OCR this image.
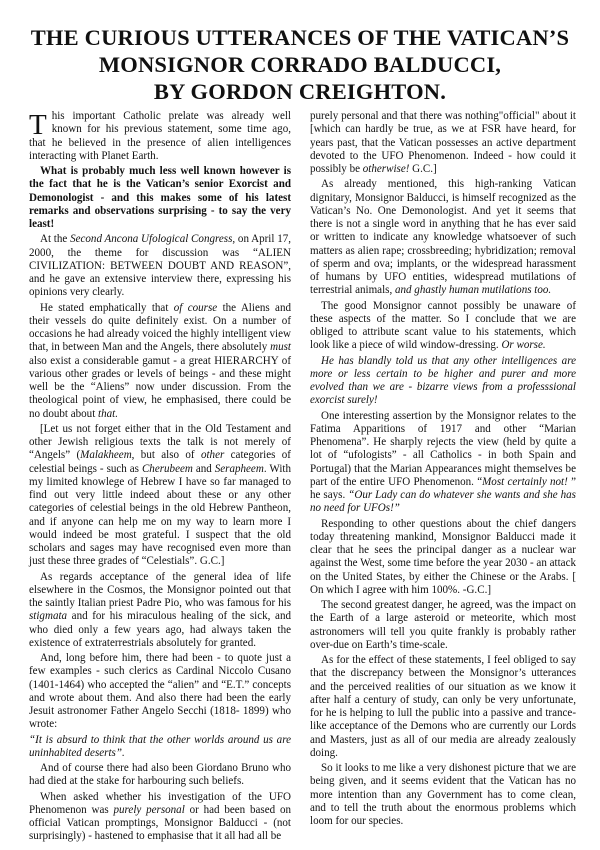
THE CURIOUS UTTERANCES OF THE VATICAN’S
MONSIGNOR CORRADO BALDUCCI,
BY GORDON CREIGHTON.

This important Catholic prelate was already well known for his previous statement, some time ago, that he believed in the presence of alien intelligences interacting with Planet Earth.

What is probably much less well known however is the fact that he is the Vatican’s senior Exorcist and Demonologist - and this makes some of his latest remarks and observations surprising - to say the very least!

At the Second Ancona Ufological Congress, on April 17, 2000, the theme for discussion was “ALIEN CIVILIZATION: BETWEEN DOUBT AND REASON”, and he gave an extensive interview there, expressing his opinions very clearly.

He stated emphatically that of course the Aliens and their vessels do quite definitely exist. On a number of occasions he had already voiced the highly intelligent view that, in between Man and the Angels, there absolutely must also exist a considerable gamut - a great HIERARCHY of various other grades or levels of beings - and these might well be the “Aliens” now under discussion. From the theological point of view, he emphasised, there could be no doubt about that.

[Let us not forget either that in the Old Testament and other Jewish religious texts the talk is not merely of “Angels” (Malakheem, but also of other categories of celestial beings - such as Cherubeem and Serapheem. With my limited knowlege of Hebrew I have so far managed to find out very little indeed about these or any other categories of celestial beings in the old Hebrew Pantheon, and if anyone can help me on my way to learn more I would indeed be most grateful. I suspect that the old scholars and sages may have recognised even more than just these three grades of “Celestials”. G.C.]

As regards acceptance of the general idea of life elsewhere in the Cosmos, the Monsignor pointed out that the saintly Italian priest Padre Pio, who was famous for his stigmata and for his miraculous healing of the sick, and who died only a few years ago, had always taken the existence of extraterrestrials absolutely for granted.

And, long before him, there had been - to quote just a few examples - such clerics as Cardinal Niccolo Cusano (1401-1464) who accepted the “alien” and “E.T.” concepts and wrote about them. And also there had been the early Jesuit astronomer Father Angelo Secchi (1818- 1899) who wrote:

“It is absurd to think that the other worlds around us are uninhabited deserts”.

And of course there had also been Giordano Bruno who had died at the stake for harbouring such beliefs.

When asked whether his investigation of the UFO Phenomenon was purely personal or had been based on official Vatican promptings, Monsignor Balducci - (not surprisingly) - hastened to emphasise that it all had all be

purely personal and that there was nothing"official" about it [which can hardly be true, as we at FSR have heard, for years past, that the Vatican possesses an active department devoted to the UFO Phenomenon. Indeed - how could it possibly be otherwise! G.C.]

As already mentioned, this high-ranking Vatican dignitary, Monsignor Balducci, is himself recognized as the Vatican’s No. One Demonologist. And yet it seems that there is not a single word in anything that he has ever said or written to indicate any knowledge whatsoever of such matters as alien rape; crossbreeding; hybridization; removal of sperm and ova; implants, or the widespread harassment of humans by UFO entities, widespread mutilations of terrestrial animals, and ghastly human mutilations too.

The good Monsignor cannot possibly be unaware of these aspects of the matter. So I conclude that we are obliged to attribute scant value to his statements, which look like a piece of wild window-dressing. Or worse.

He has blandly told us that any other intelligences are more or less certain to be higher and purer and more evolved than we are - bizarre views from a professsional exorcist surely!

One interesting assertion by the Monsignor relates to the Fatima Apparitions of 1917 and other “Marian Phenomena”. He sharply rejects the view (held by quite a lot of “ufologists” - all Catholics - in both Spain and Portugal) that the Marian Appearances might themselves be part of the entire UFO Phenomenon. “Most certainly not! ” he says. “Our Lady can do whatever she wants and she has no need for UFOs!”

Responding to other questions about the chief dangers today threatening mankind, Monsignor Balducci made it clear that he sees the principal danger as a nuclear war against the West, some time before the year 2030 - an attack on the United States, by either the Chinese or the Arabs. [ On which I agree with him 100%. -G.C.]

The second greatest danger, he agreed, was the impact on the Earth of a large asteroid or meteorite, which most astronomers will tell you quite frankly is probably rather over-due on Earth’s time-scale.

As for the effect of these statements, I feel obliged to say that the discrepancy between the Monsignor’s utterances and the perceived realities of our situation as we know it after half a century of study, can only be very unfortunate, for he is helping to lull the public into a passive and trance-like acceptance of the Demons who are currently our Lords and Masters, just as all of our media are already zealously doing.

So it looks to me like a very dishonest picture that we are being given, and it seems evident that the Vatican has no more intention than any Government has to come clean, and to tell the truth about the enormous problems which loom for our species.
